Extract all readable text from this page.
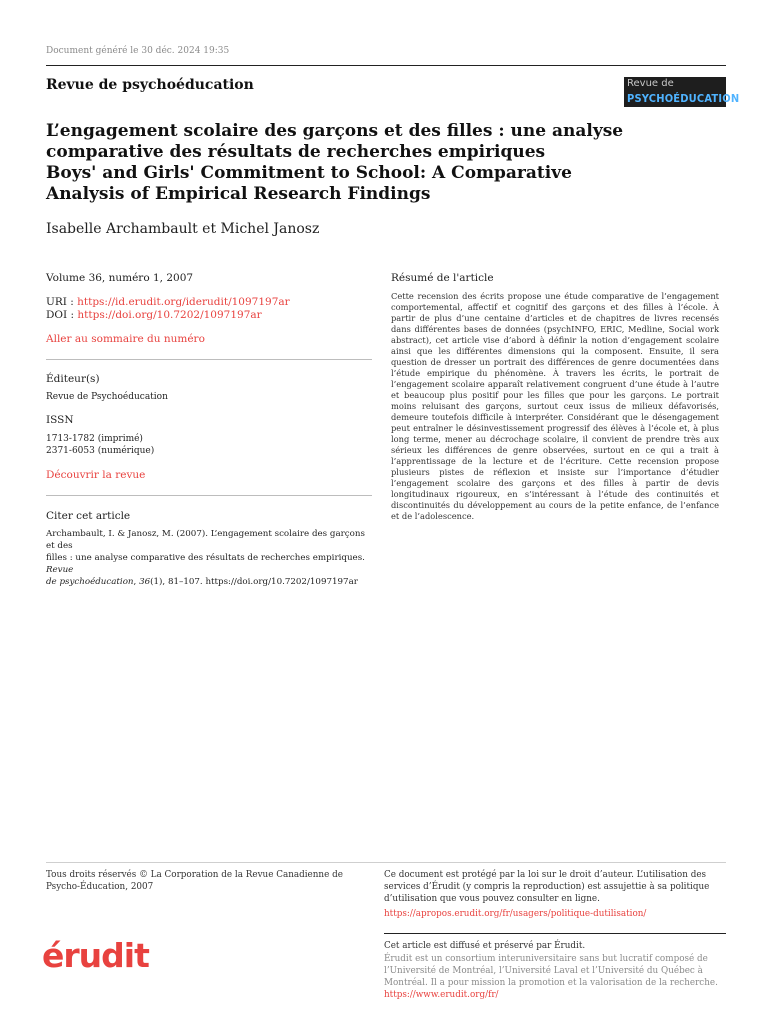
Document généré le 30 déc. 2024 19:35
Revue de psychoéducation	Revue de
PSYCHOÉDUCATION
L’engagement scolaire des garçons et des filles : une analyse
comparative des résultats de recherches empiriques
Boys' and Girls' Commitment to School: A Comparative
Analysis of Empirical Research Findings
Isabelle Archambault et Michel Janosz
Volume 36, numéro 1, 2007
URI : https://id.erudit.org/iderudit/1097197ar
DOI : https://doi.org/10.7202/1097197ar
Aller au sommaire du numéro
Éditeur(s)
Revue de Psychoéducation
ISSN
1713-1782 (imprimé)
2371-6053 (numérique)
Découvrir la revue
Citer cet article
Archambault, I. & Janosz, M. (2007). L’engagement scolaire des garçons et des
filles : une analyse comparative des résultats de recherches empiriques. Revue
de psychoéducation, 36(1), 81–107. https://doi.org/10.7202/1097197ar
Résumé de l'article
Cette recension des écrits propose une étude comparative de l’engagement comportemental, affectif et cognitif des garçons et des filles à l’école. À partir de plus d’une centaine d’articles et de chapitres de livres recensés dans différentes bases de données (psychINFO, ERIC, Medline, Social work abstract), cet article vise d’abord à définir la notion d’engagement scolaire ainsi que les différentes dimensions qui la composent. Ensuite, il sera question de dresser un portrait des différences de genre documentées dans l’étude empirique du phénomène. À travers les écrits, le portrait de l’engagement scolaire apparaît relativement congruent d’une étude à l’autre et beaucoup plus positif pour les filles que pour les garçons. Le portrait moins reluisant des garçons, surtout ceux issus de milieux défavorisés, demeure toutefois difficile à interpréter. Considérant que le désengagement peut entraîner le désinvestissement progressif des élèves à l’école et, à plus long terme, mener au décrochage scolaire, il convient de prendre très aux sérieux les différences de genre observées, surtout en ce qui a trait à l’apprentissage de la lecture et de l’écriture. Cette recension propose plusieurs pistes de réflexion et insiste sur l’importance d’étudier l’engagement scolaire des garçons et des filles à partir de devis longitudinaux rigoureux, en s’intéressant à l’étude des continuités et discontinuités du développement au cours de la petite enfance, de l’enfance et de l’adolescence.
Tous droits réservés © La Corporation de la Revue Canadienne de
Psycho-Éducation, 2007
Ce document est protégé par la loi sur le droit d’auteur. L’utilisation des
services d’Érudit (y compris la reproduction) est assujettie à sa politique
d’utilisation que vous pouvez consulter en ligne.
https://apropos.erudit.org/fr/usagers/politique-dutilisation/
érudit	Cet article est diffusé et préservé par Érudit.
Érudit est un consortium interuniversitaire sans but lucratif composé de
l’Université de Montréal, l’Université Laval et l’Université du Québec à
Montréal. Il a pour mission la promotion et la valorisation de la recherche.
https://www.erudit.org/fr/
